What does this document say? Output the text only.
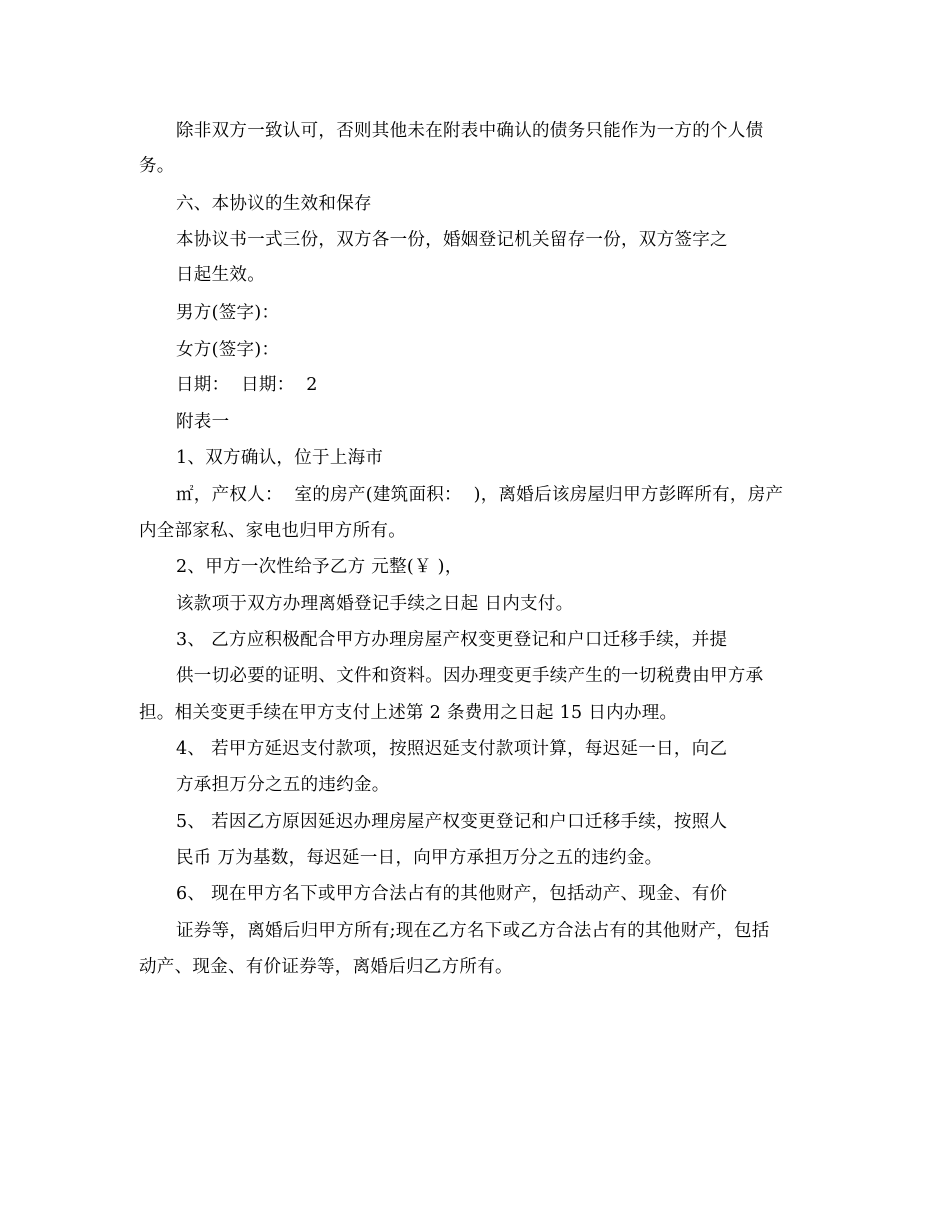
除非双方一致认可，否则其他未在附表中确认的债务只能作为一方的个人债
务。
六、本协议的生效和保存
本协议书一式三份，双方各一份，婚姻登记机关留存一份，双方签字之
日起生效。
男方(签字)：
女方(签字)：
日期：  日期：  2
附表一
1、双方确认，位于上海市
㎡，产权人：  室的房产(建筑面积：  )，离婚后该房屋归甲方彭晖所有，房产
内全部家私、家电也归甲方所有。
2、甲方一次性给予乙方 元整(￥ )，
该款项于双方办理离婚登记手续之日起 日内支付。
3、 乙方应积极配合甲方办理房屋产权变更登记和户口迁移手续，并提
供一切必要的证明、文件和资料。因办理变更手续产生的一切税费由甲方承
担。相关变更手续在甲方支付上述第 2 条费用之日起 15 日内办理。
4、 若甲方延迟支付款项，按照迟延支付款项计算，每迟延一日，向乙
方承担万分之五的违约金。
5、 若因乙方原因延迟办理房屋产权变更登记和户口迁移手续，按照人
民币 万为基数，每迟延一日，向甲方承担万分之五的违约金。
6、 现在甲方名下或甲方合法占有的其他财产，包括动产、现金、有价
证券等，离婚后归甲方所有;现在乙方名下或乙方合法占有的其他财产，包括
动产、现金、有价证券等，离婚后归乙方所有。
